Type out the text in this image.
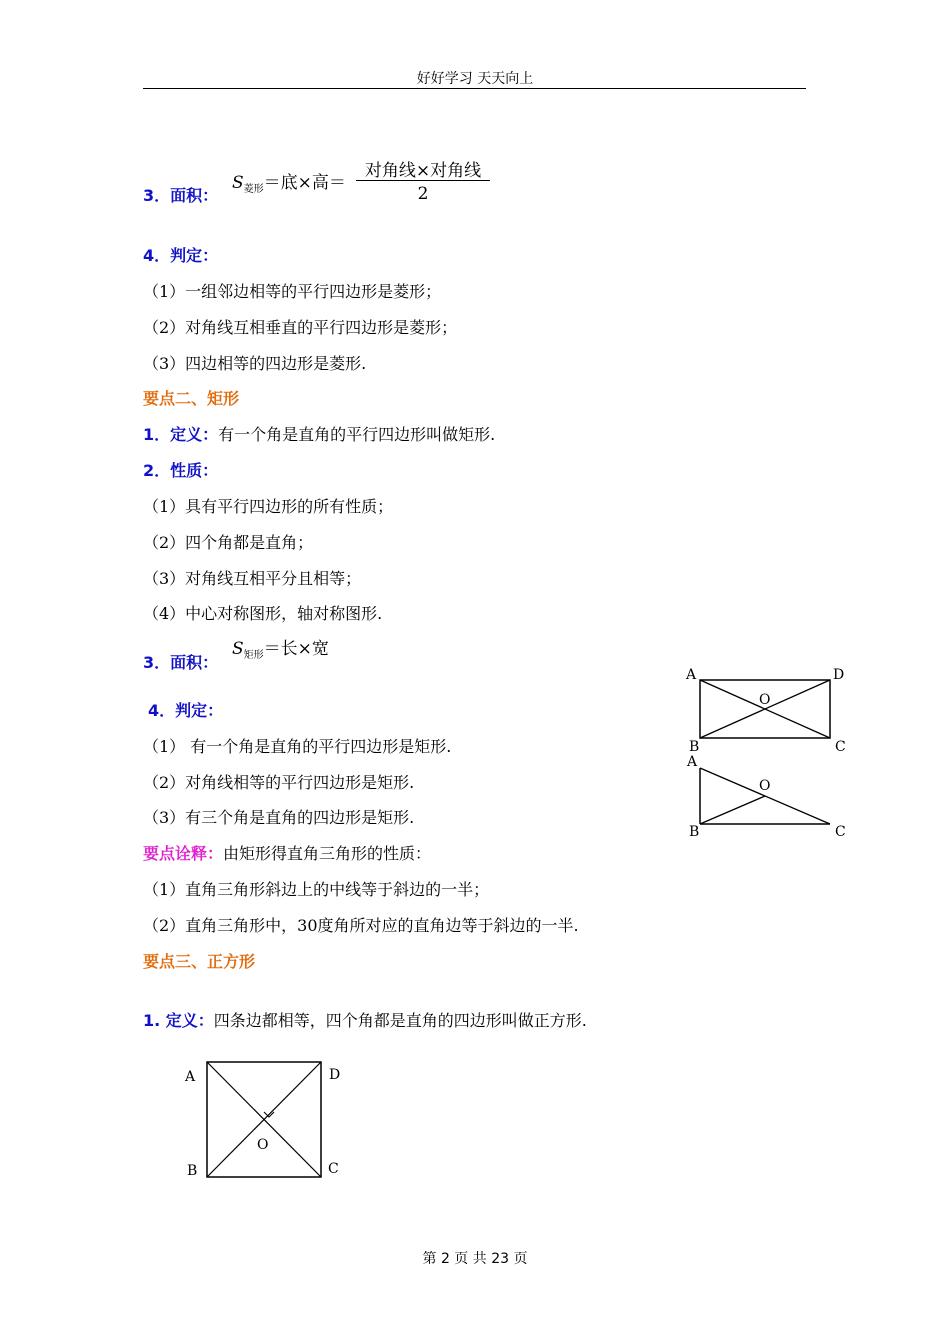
好好学习 天天向上
3．面积：
$S_{菱形}=$底×高＝
对角线×对角线
2
4．判定：
（1）一组邻边相等的平行四边形是菱形；
（2）对角线互相垂直的平行四边形是菱形；
（3）四边相等的四边形是菱形.
要点二、矩形
1．定义：有一个角是直角的平行四边形叫做矩形.
2．性质：
（1）具有平行四边形的所有性质；
（2）四个角都是直角；
（3）对角线互相平分且相等；
（4）中心对称图形，轴对称图形.
3．面积：
$S_{矩形}=$长×宽
4．判定：
（1） 有一个角是直角的平行四边形是矩形.
（2）对角线相等的平行四边形是矩形.
（3）有三个角是直角的四边形是矩形.
要点诠释：由矩形得直角三角形的性质：
（1）直角三角形斜边上的中线等于斜边的一半；
（2）直角三角形中，30度角所对应的直角边等于斜边的一半.
A	D
O
B	C
A
O
B	C
要点三、正方形
1. 定义：四条边都相等，四个角都是直角的四边形叫做正方形.
A	D
O
B	C
第 2 页 共 23 页
